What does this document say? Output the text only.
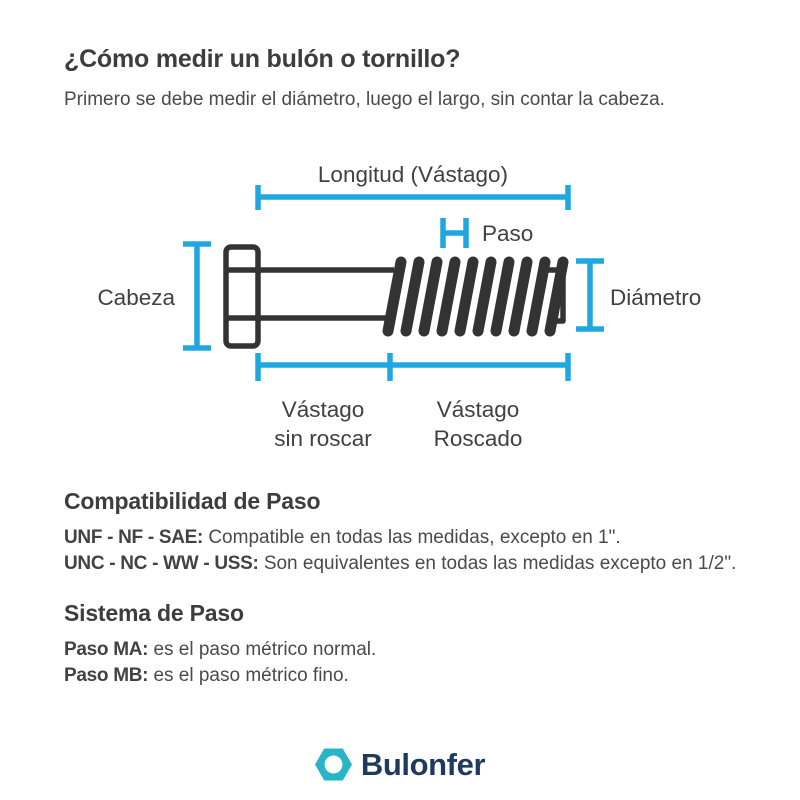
¿Cómo medir un bulón o tornillo?

Primero se debe medir el diámetro, luego el largo, sin contar la cabeza.

Longitud (Vástago)
Paso
Cabeza	Diámetro
Vástago
sin roscar
Vástago
Roscado
Compatibilidad de Paso

UNF - NF - SAE: Compatible en todas las medidas, excepto en 1".

UNC - NC - WW - USS: Son equivalentes en todas las medidas excepto en 1/2".

Sistema de Paso

Paso MA: es el paso métrico normal.

Paso MB: es el paso métrico fino.

Bulonfer
